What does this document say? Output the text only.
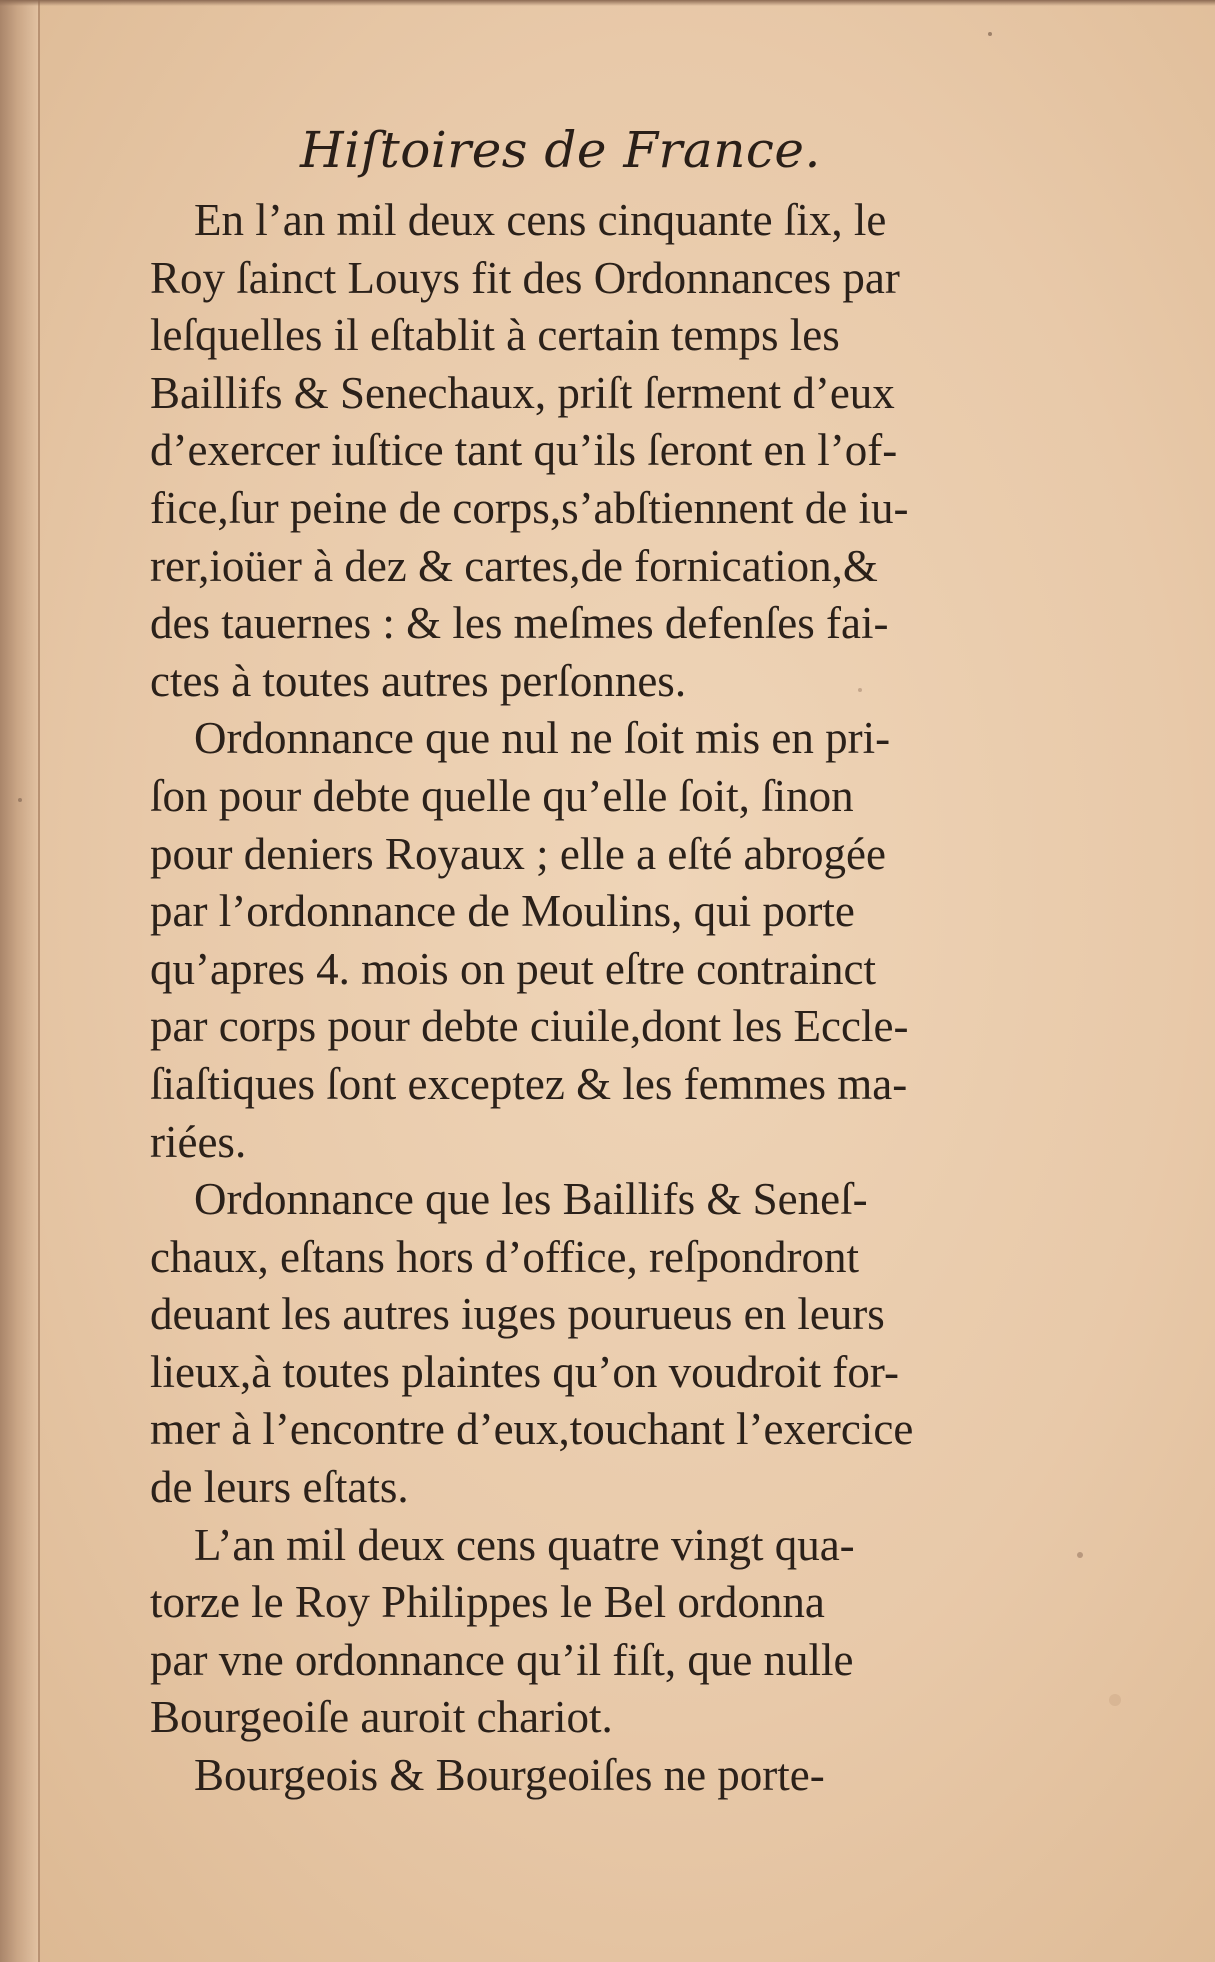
Hiſtoires de France.
En l’an mil deux cens cinquante ſix, le
Roy ſainct Louys fit des Ordonnances par
leſquelles il eſtablit à certain temps les
Baillifs & Senechaux, priſt ſerment d’eux
d’exercer iuſtice tant qu’ils ſeront en l’of-
fice,ſur peine de corps,s’abſtiennent de iu-
rer,ioüer à dez & cartes,de fornication,&
des tauernes : & les meſmes defenſes fai-
ctes à toutes autres perſonnes.
Ordonnance que nul ne ſoit mis en pri-
ſon pour debte quelle qu’elle ſoit, ſinon
pour deniers Royaux ; elle a eſté abrogée
par l’ordonnance de Moulins, qui porte
qu’apres 4. mois on peut eſtre contrainct
par corps pour debte ciuile,dont les Eccle-
ſiaſtiques ſont exceptez & les femmes ma-
riées.
Ordonnance que les Baillifs & Seneſ-
chaux, eſtans hors d’office, reſpondront
deuant les autres iuges pourueus en leurs
lieux,à toutes plaintes qu’on voudroit for-
mer à l’encontre d’eux,touchant l’exercice
de leurs eſtats.
L’an mil deux cens quatre vingt qua-
torze le Roy Philippes le Bel ordonna
par vne ordonnance qu’il fiſt, que nulle
Bourgeoiſe auroit chariot.
Bourgeois & Bourgeoiſes ne porte-
